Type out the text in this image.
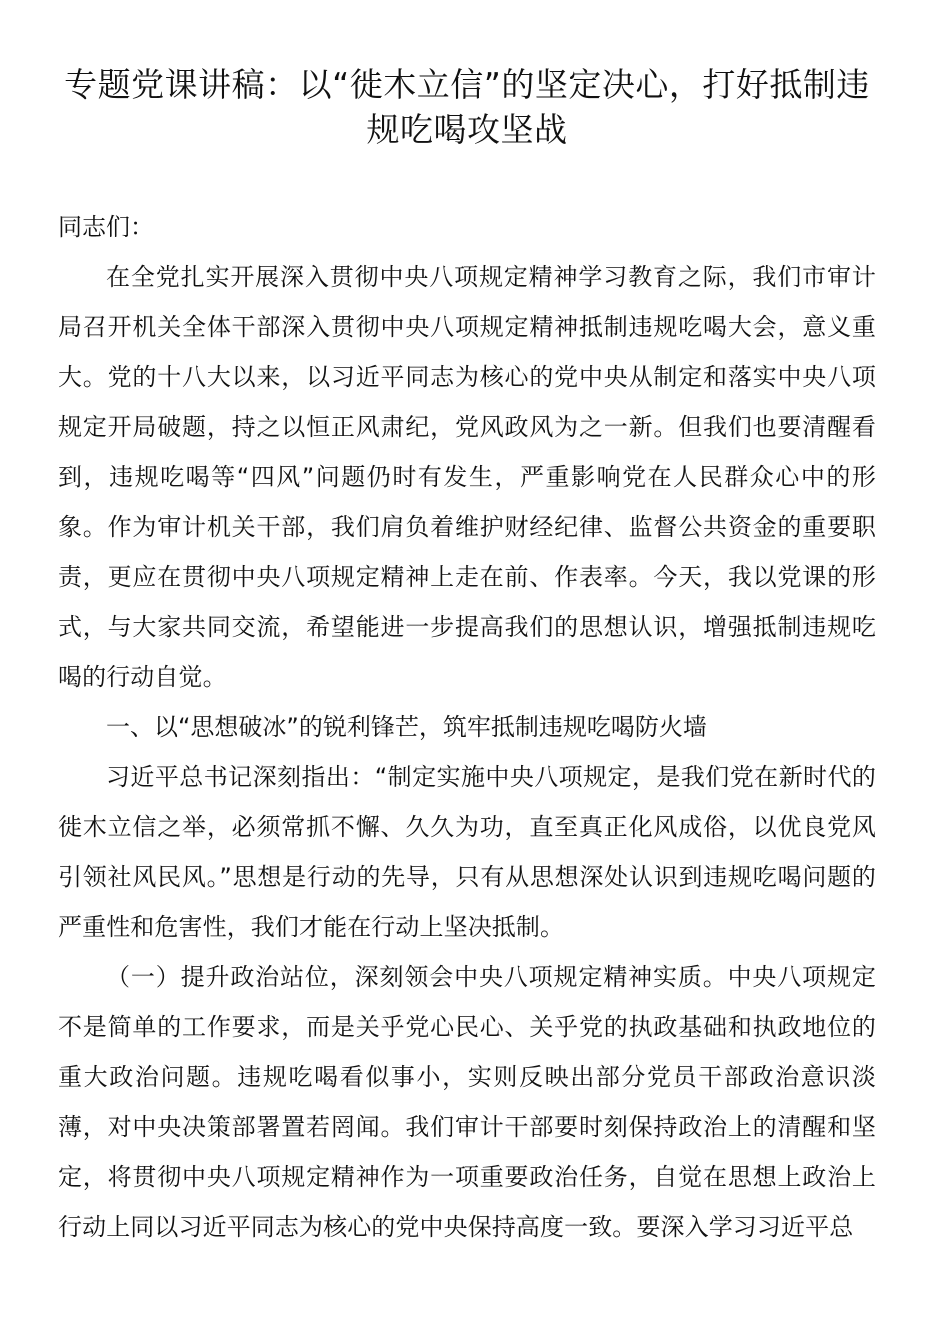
专题党课讲稿：以“徙木立信”的坚定决心，打好抵制违规吃喝攻坚战

同志们：

在全党扎实开展深入贯彻中央八项规定精神学习教育之际，我们市审计局召开机关全体干部深入贯彻中央八项规定精神抵制违规吃喝大会，意义重大。党的十八大以来，以习近平同志为核心的党中央从制定和落实中央八项规定开局破题，持之以恒正风肃纪，党风政风为之一新。但我们也要清醒看到，违规吃喝等“四风”问题仍时有发生，严重影响党在人民群众心中的形象。作为审计机关干部，我们肩负着维护财经纪律、监督公共资金的重要职责，更应在贯彻中央八项规定精神上走在前、作表率。今天，我以党课的形式，与大家共同交流，希望能进一步提高我们的思想认识，增强抵制违规吃喝的行动自觉。

一、以“思想破冰”的锐利锋芒，筑牢抵制违规吃喝防火墙

习近平总书记深刻指出：“制定实施中央八项规定，是我们党在新时代的徙木立信之举，必须常抓不懈、久久为功，直至真正化风成俗，以优良党风引领社风民风。”思想是行动的先导，只有从思想深处认识到违规吃喝问题的严重性和危害性，我们才能在行动上坚决抵制。

（一）提升政治站位，深刻领会中央八项规定精神实质。中央八项规定不是简单的工作要求，而是关乎党心民心、关乎党的执政基础和执政地位的重大政治问题。违规吃喝看似事小，实则反映出部分党员干部政治意识淡薄，对中央决策部署置若罔闻。我们审计干部要时刻保持政治上的清醒和坚定，将贯彻中央八项规定精神作为一项重要政治任务，自觉在思想上政治上行动上同以习近平同志为核心的党中央保持高度一致。要深入学习习近平总
